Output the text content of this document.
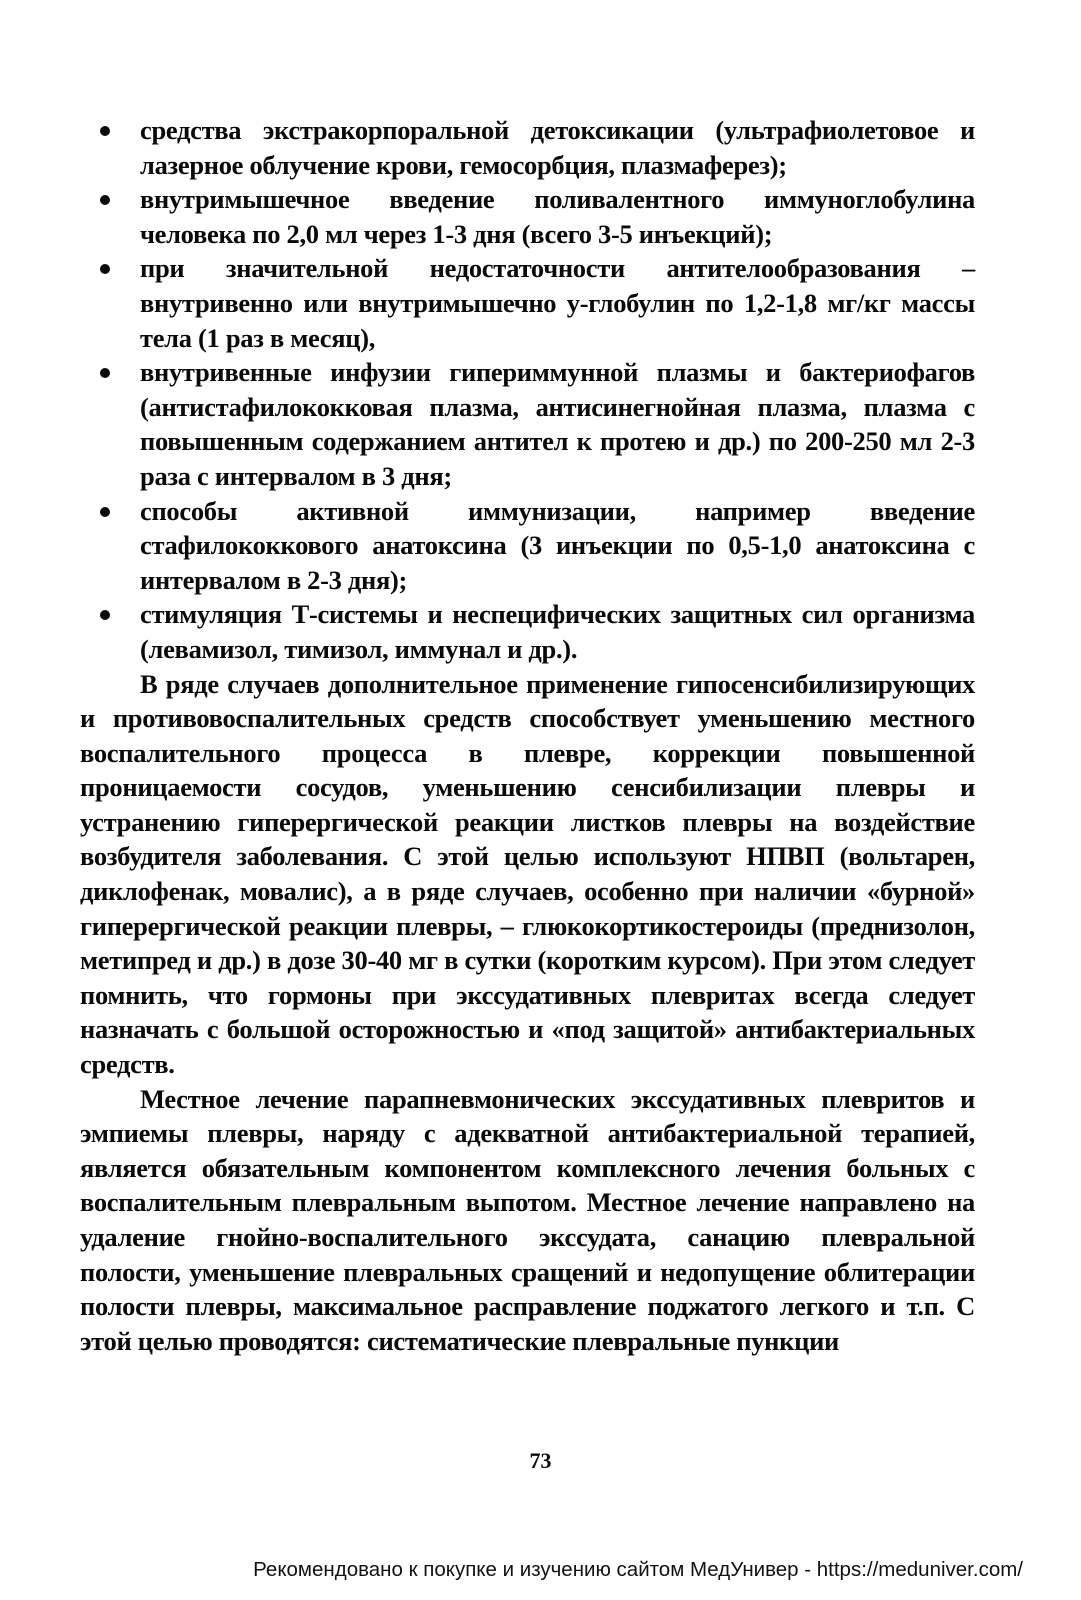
средства экстракорпоральной детоксикации (ультрафиолетовое и лазерное облучение крови, гемосорбция, плазмаферез);
внутримышечное введение поливалентного иммуноглобулина человека по 2,0 мл через 1-3 дня (всего 3-5 инъекций);
при значительной недостаточности антителообразования – внутривенно или внутримышечно у-глобулин по 1,2-1,8 мг/кг массы тела (1 раз в месяц),
внутривенные инфузии гипериммунной плазмы и бактериофагов (антистафилококковая плазма, антисинегнойная плазма, плазма с повышенным содержанием антител к протею и др.) по 200-250 мл 2-3 раза с интервалом в 3 дня;
способы активной иммунизации, например введение стафилококкового анатоксина (3 инъекции по 0,5-1,0 анатоксина с интервалом в 2-3 дня);
стимуляция Т-системы и неспецифических защитных сил организма (левамизол, тимизол, иммунал и др.).

В ряде случаев дополнительное применение гипосенсибилизирующих и противовоспалительных средств способствует уменьшению местного воспалительного процесса в плевре, коррекции повышенной проницаемости сосудов, уменьшению сенсибилизации плевры и устранению гиперергической реакции листков плевры на воздействие возбудителя заболевания. С этой целью используют НПВП (вольтарен, диклофенак, мовалис), а в ряде случаев, особенно при наличии «бурной» гиперергической реакции плевры, – глюкокортикостероиды (преднизолон, метипред и др.) в дозе 30-40 мг в сутки (коротким курсом). При этом следует помнить, что гормоны при экссудативных плевритах всегда следует назначать с большой осторожностью и «под защитой» антибактериальных средств.

Местное лечение парапневмонических экссудативных плевритов и эмпиемы плевры, наряду с адекватной антибактериальной терапией, является обязательным компонентом комплексного лечения больных с воспалительным плевральным выпотом. Местное лечение направлено на удаление гнойно-воспалительного экссудата, санацию плевральной полости, уменьшение плевральных сращений и недопущение облитерации полости плевры, максимальное расправление поджатого легкого и т.п. С этой целью проводятся: систематические плевральные пункции

73
Рекомендовано к покупке и изучению сайтом МедУнивер - https://meduniver.com/
